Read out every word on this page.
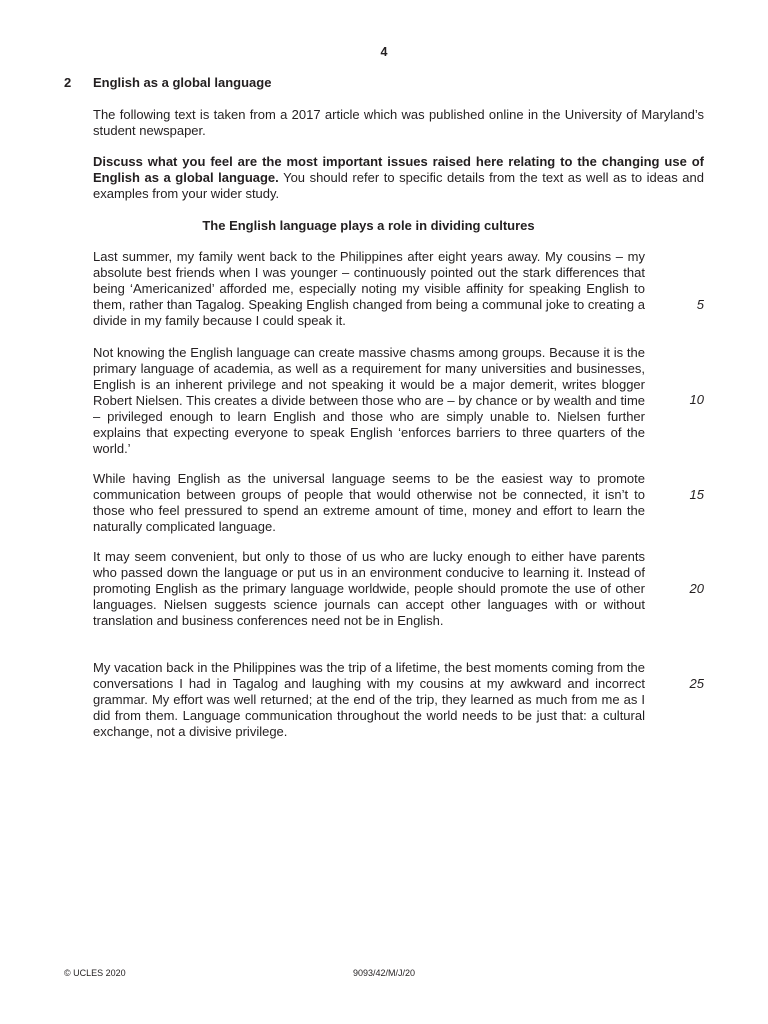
4
2 English as a global language

The following text is taken from a 2017 article which was published online in the University of Maryland’s student newspaper.

Discuss what you feel are the most important issues raised here relating to the changing use of English as a global language. You should refer to specific details from the text as well as to ideas and examples from your wider study.

The English language plays a role in dividing cultures

Last summer, my family went back to the Philippines after eight years away. My cousins – my absolute best friends when I was younger – continuously pointed out the stark differences that being ‘Americanized’ afforded me, especially noting my visible affinity for speaking English to them, rather than Tagalog. Speaking English changed from being a communal joke to creating a divide in my family because I could speak it.

Not knowing the English language can create massive chasms among groups. Because it is the primary language of academia, as well as a requirement for many universities and businesses, English is an inherent privilege and not speaking it would be a major demerit, writes blogger Robert Nielsen. This creates a divide between those who are – by chance or by wealth and time – privileged enough to learn English and those who are simply unable to. Nielsen further explains that expecting everyone to speak English ‘enforces barriers to three quarters of the world.’

While having English as the universal language seems to be the easiest way to promote communication between groups of people that would otherwise not be connected, it isn’t to those who feel pressured to spend an extreme amount of time, money and effort to learn the naturally complicated language.

It may seem convenient, but only to those of us who are lucky enough to either have parents who passed down the language or put us in an environment conducive to learning it. Instead of promoting English as the primary language worldwide, people should promote the use of other languages. Nielsen suggests science journals can accept other languages with or without translation and business conferences need not be in English.

My vacation back in the Philippines was the trip of a lifetime, the best moments coming from the conversations I had in Tagalog and laughing with my cousins at my awkward and incorrect grammar. My effort was well returned; at the end of the trip, they learned as much from me as I did from them. Language communication throughout the world needs to be just that: a cultural exchange, not a divisive privilege.

5
10
15
20
25
© UCLES 2020	9093/42/M/J/20
